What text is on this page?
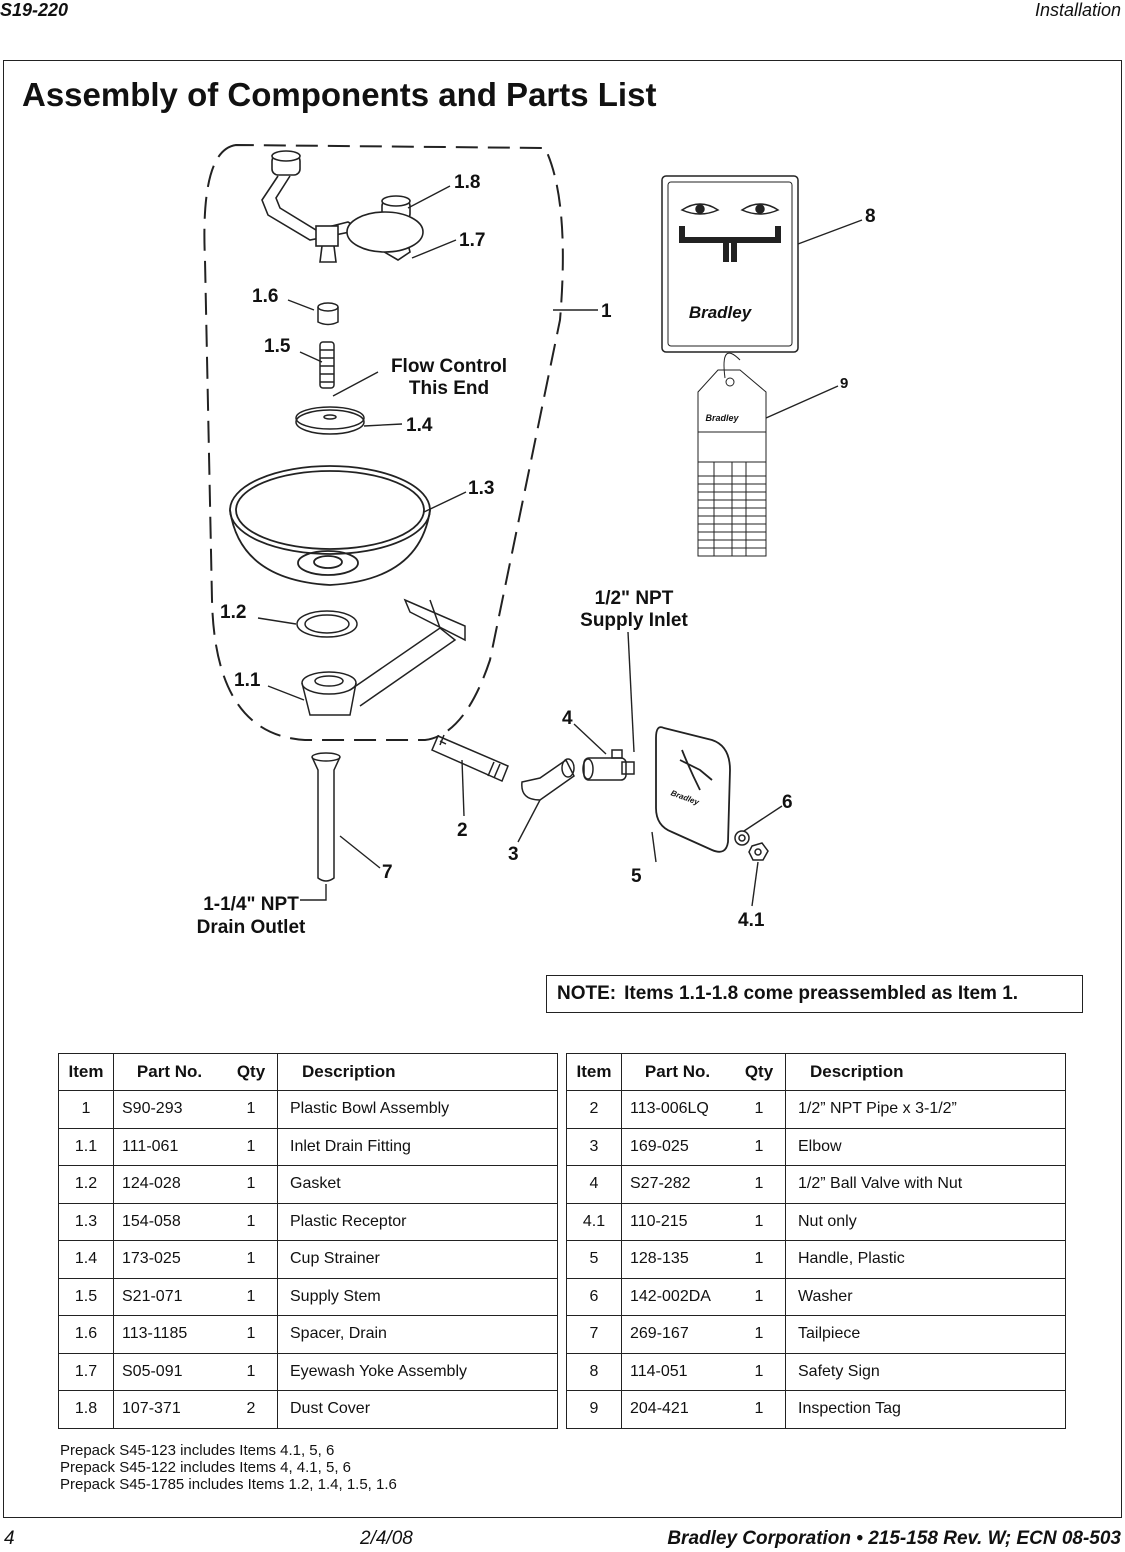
S19-220	Installation
Assembly of Components and Parts List
1.8
1.7
1.6
1.5
1.4
1.3
1.2
1.1
1
2
3
4
4.1
5
6
7
8
9
Flow Control
This End
1/2" NPT
Supply Inlet
1-1/4" NPT
Drain Outlet
Bradley
Bradley
Bradley
NOTE: Items 1.1-1.8 come preassembled as Item 1.
Item	Part No.	Qty	Description
1	S90-293	1	Plastic Bowl Assembly
1.1	111-061	1	Inlet Drain Fitting
1.2	124-028	1	Gasket
1.3	154-058	1	Plastic Receptor
1.4	173-025	1	Cup Strainer
1.5	S21-071	1	Supply Stem
1.6	113-1185	1	Spacer, Drain
1.7	S05-091	1	Eyewash Yoke Assembly
1.8	107-371	2	Dust Cover
Item	Part No.	Qty	Description
2	113-006LQ	1	1/2” NPT Pipe x 3-1/2”
3	169-025	1	Elbow
4	S27-282	1	1/2” Ball Valve with Nut
4.1	110-215	1	Nut only
5	128-135	1	Handle, Plastic
6	142-002DA	1	Washer
7	269-167	1	Tailpiece
8	114-051	1	Safety Sign
9	204-421	1	Inspection Tag
Prepack S45-123 includes Items 4.1, 5, 6
Prepack S45-122 includes Items 4, 4.1, 5, 6
Prepack S45-1785 includes Items 1.2, 1.4, 1.5, 1.6
4	2/4/08	Bradley Corporation • 215-158 Rev. W; ECN 08-503
